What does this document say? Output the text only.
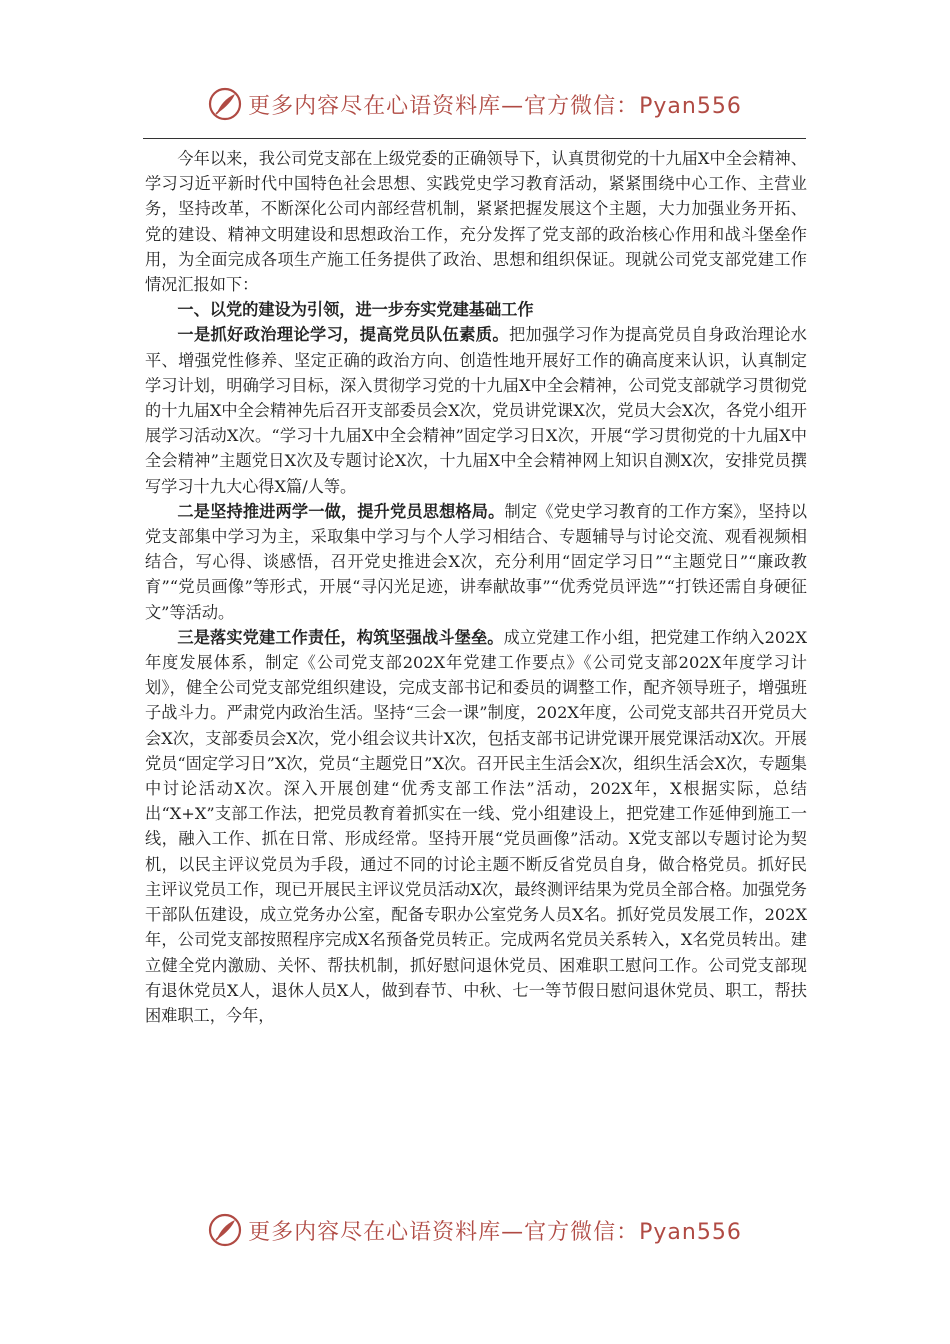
更多内容尽在心语资料库—官方微信：Pyan556

今年以来，我公司党支部在上级党委的正确领导下，认真贯彻党的十九届X中全会精神、学习习近平新时代中国特色社会思想、实践党史学习教育活动，紧紧围绕中心工作、主营业务，坚持改革，不断深化公司内部经营机制，紧紧把握发展这个主题，大力加强业务开拓、党的建设、精神文明建设和思想政治工作，充分发挥了党支部的政治核心作用和战斗堡垒作用，为全面完成各项生产施工任务提供了政治、思想和组织保证。现就公司党支部党建工作情况汇报如下：

一、以党的建设为引领，进一步夯实党建基础工作

一是抓好政治理论学习，提高党员队伍素质。把加强学习作为提高党员自身政治理论水平、增强党性修养、坚定正确的政治方向、创造性地开展好工作的确高度来认识，认真制定学习计划，明确学习目标，深入贯彻学习党的十九届X中全会精神，公司党支部就学习贯彻党的十九届X中全会精神先后召开支部委员会X次，党员讲党课X次，党员大会X次，各党小组开展学习活动X次。“学习十九届X中全会精神”固定学习日X次，开展“学习贯彻党的十九届X中全会精神”主题党日X次及专题讨论X次，十九届X中全会精神网上知识自测X次，安排党员撰写学习十九大心得X篇/人等。

二是坚持推进两学一做，提升党员思想格局。制定《党史学习教育的工作方案》，坚持以党支部集中学习为主，采取集中学习与个人学习相结合、专题辅导与讨论交流、观看视频相结合，写心得、谈感悟，召开党史推进会X次，充分利用“固定学习日”“主题党日”“廉政教育”“党员画像”等形式，开展“寻闪光足迹，讲奉献故事”“优秀党员评选”“打铁还需自身硬征文”等活动。

三是落实党建工作责任，构筑坚强战斗堡垒。成立党建工作小组，把党建工作纳入202X年度发展体系，制定《公司党支部202X年党建工作要点》《公司党支部202X年度学习计划》，健全公司党支部党组织建设，完成支部书记和委员的调整工作，配齐领导班子，增强班子战斗力。严肃党内政治生活。坚持“三会一课”制度，202X年度，公司党支部共召开党员大会X次，支部委员会X次，党小组会议共计X次，包括支部书记讲党课开展党课活动X次。开展党员“固定学习日”X次，党员“主题党日”X次。召开民主生活会X次，组织生活会X次，专题集中讨论活动X次。深入开展创建“优秀支部工作法”活动，202X年，X根据实际，总结出“X+X”支部工作法，把党员教育着抓实在一线、党小组建设上，把党建工作延伸到施工一线，融入工作、抓在日常、形成经常。坚持开展“党员画像”活动。X党支部以专题讨论为契机，以民主评议党员为手段，通过不同的讨论主题不断反省党员自身，做合格党员。抓好民主评议党员工作，现已开展民主评议党员活动X次，最终测评结果为党员全部合格。加强党务干部队伍建设，成立党务办公室，配备专职办公室党务人员X名。抓好党员发展工作，202X年，公司党支部按照程序完成X名预备党员转正。完成两名党员关系转入，X名党员转出。建立健全党内激励、关怀、帮扶机制，抓好慰问退休党员、困难职工慰问工作。公司党支部现有退休党员X人，退休人员X人，做到春节、中秋、七一等节假日慰问退休党员、职工，帮扶困难职工，今年，

更多内容尽在心语资料库—官方微信：Pyan556
